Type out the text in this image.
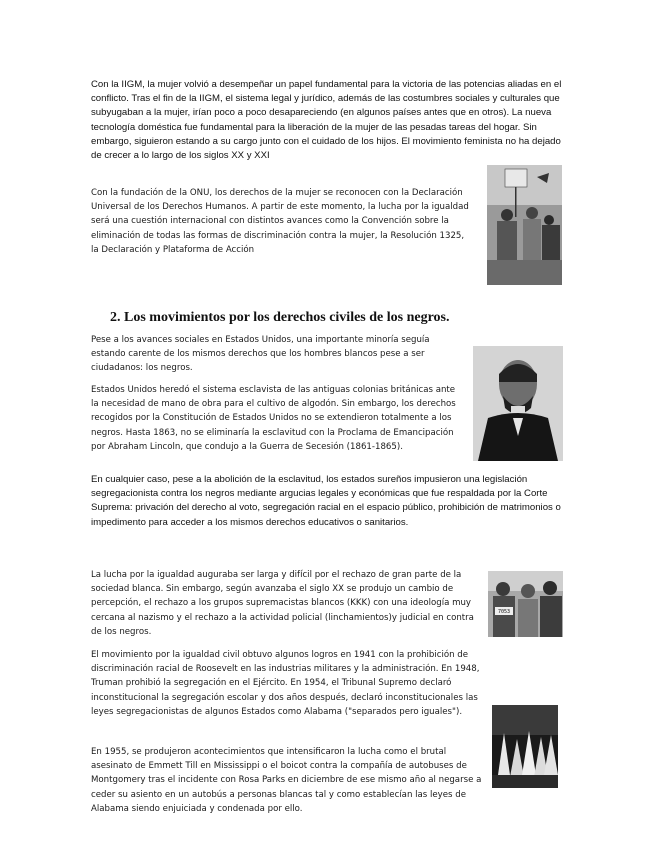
Con la IIGM, la mujer volvió a desempeñar un papel fundamental para la victoria de las potencias aliadas en el conflicto. Tras el fin de la IIGM, el sistema legal y jurídico, además de las costumbres sociales y culturales que subyugaban a la mujer, irían poco a poco desapareciendo (en algunos países antes que en otros). La nueva tecnología doméstica fue fundamental para la liberación de la mujer de las pesadas tareas del hogar. Sin embargo, siguieron estando a su cargo junto con el cuidado de los hijos. El movimiento feminista no ha dejado de crecer a lo largo de los siglos XX y XXI

Con la fundación de la ONU, los derechos de la mujer se reconocen con la Declaración Universal de los Derechos Humanos. A partir de este momento, la lucha por la igualdad será una cuestión internacional con distintos avances como la Convención sobre la eliminación de todas las formas de discriminación contra la mujer, la Resolución 1325, la Declaración y Plataforma de Acción

2. Los movimientos por los derechos civiles de los negros.

Pese a los avances sociales en Estados Unidos, una importante minoría seguía estando carente de los mismos derechos que los hombres blancos pese a ser ciudadanos: los negros.

Estados Unidos heredó el sistema esclavista de las antiguas colonias británicas ante la necesidad de mano de obra para el cultivo de algodón. Sin embargo, los derechos recogidos por la Constitución de Estados Unidos no se extendieron totalmente a los negros. Hasta 1863, no se eliminaría la esclavitud con la Proclama de Emancipación por Abraham Lincoln, que condujo a la Guerra de Secesión (1861-1865).

En cualquier caso, pese a la abolición de la esclavitud, los estados sureños impusieron una legislación segregacionista contra los negros mediante argucias legales y económicas que fue respaldada por la Corte Suprema: privación del derecho al voto, segregación racial en el espacio público, prohibición de matrimonios o impedimento para acceder a los mismos derechos educativos o sanitarios.

La lucha por la igualdad auguraba ser larga y difícil por el rechazo de gran parte de la sociedad blanca. Sin embargo, según avanzaba el siglo XX se produjo un cambio de percepción, el rechazo a los grupos supremacistas blancos (KKK) con una ideología muy cercana al nazismo y el rechazo a la actividad policial (linchamientos)y judicial en contra de los negros.

7053

El movimiento por la igualdad civil obtuvo algunos logros en 1941 con la prohibición de discriminación racial de Roosevelt en las industrias militares y la administración. En 1948, Truman prohibió la segregación en el Ejército. En 1954, el Tribunal Supremo declaró inconstitucional la segregación escolar y dos años después, declaró inconstitucionales las leyes segregacionistas de algunos Estados como Alabama ("separados pero iguales").

En 1955, se produjeron acontecimientos que intensificaron la lucha como el brutal asesinato de Emmett Till en Mississippi o el boicot contra la compañía de autobuses de Montgomery tras el incidente con Rosa Parks en diciembre de ese mismo año al negarse a ceder su asiento en un autobús a personas blancas tal y como establecían las leyes de Alabama siendo enjuiciada y condenada por ello.
